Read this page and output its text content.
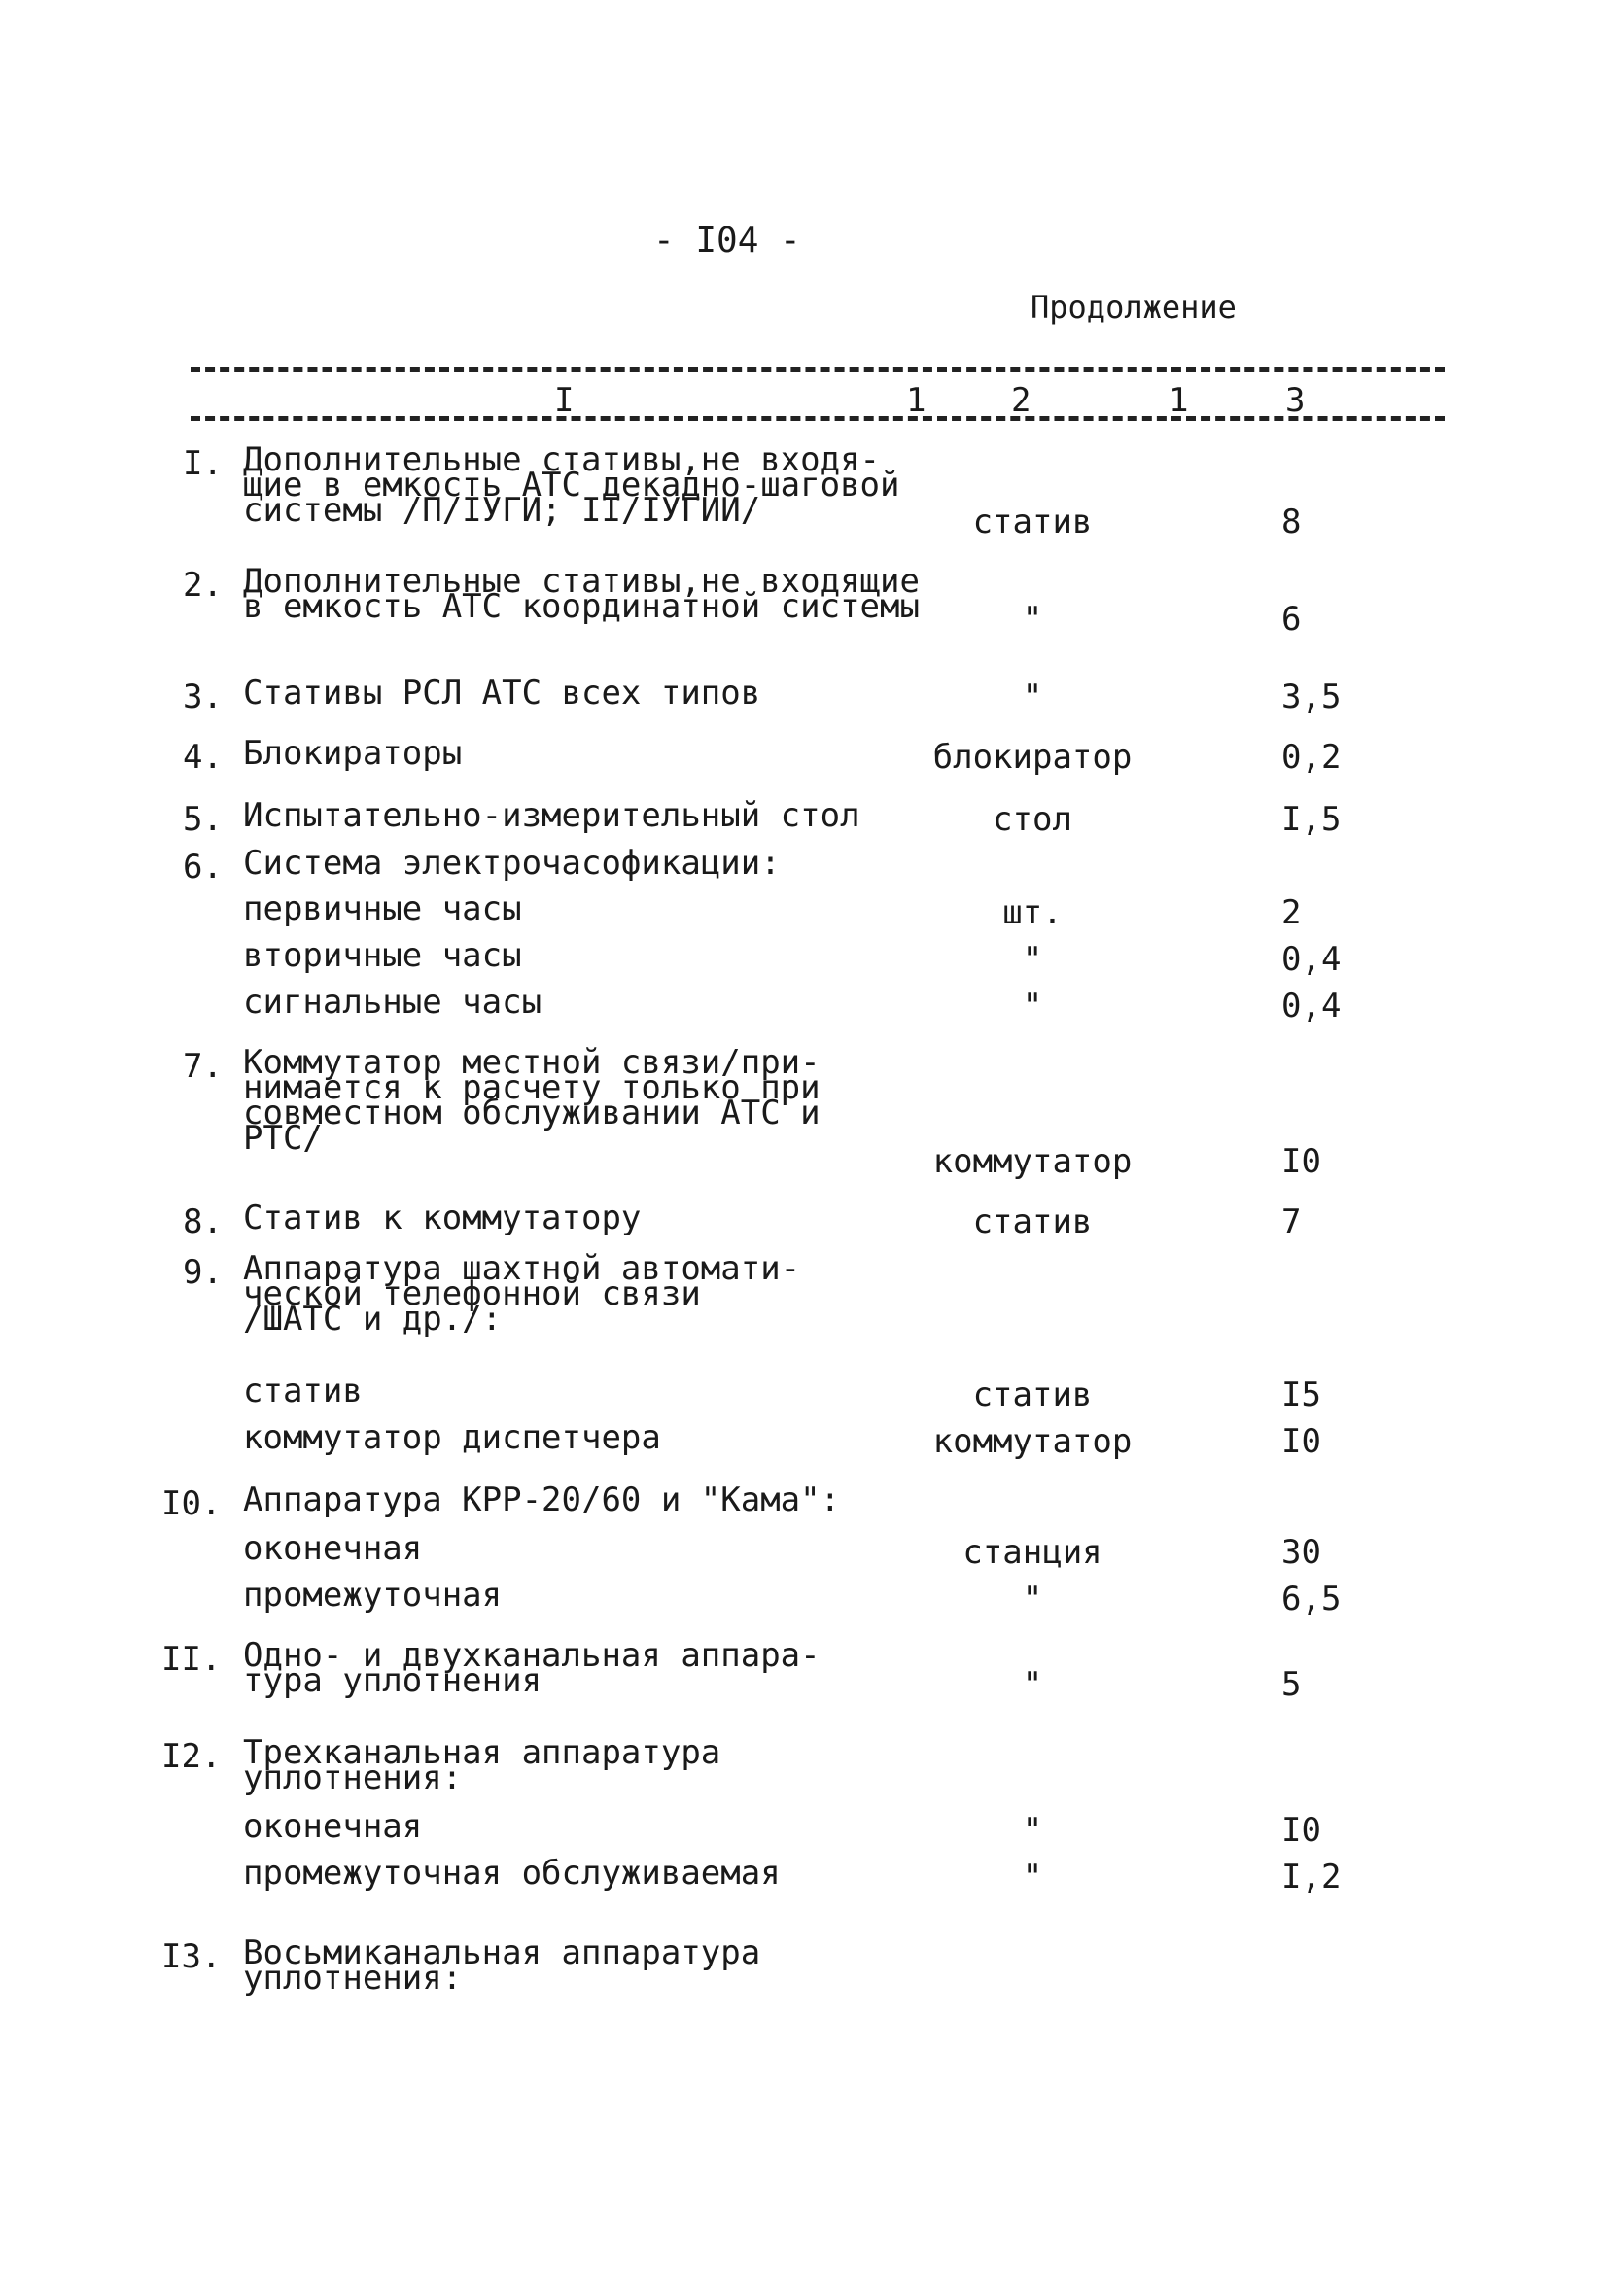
- I04 -
Продолжение
I	1	2	1	3
I. Дополнительные стативы,не входя-
щие в емкость АТС декадно-шаговой
системы /П/IУГИ; II/IУГИИ/	статив	8
2. Дополнительные стативы,не входящие
в емкость АТС координатной системы	"	6
3. Стативы РСЛ АТС всех типов	"	3,5
4. Блокираторы	блокиратор	0,2
5. Испытательно-измерительный стол	стол	I,5
6. Система электрочасофикации:
первичные часы	шт.	2
вторичные часы	"	0,4
сигнальные часы	"	0,4
7. Коммутатор местной связи/при-
нимается к расчету только при
совместном обслуживании АТС и
РТС/
коммутатор	I0
8. Статив к коммутатору	статив	7
9. Аппаратура шахтной автомати-
ческой телефонной связи
/ШАТС и др./:
статив	статив	I5
коммутатор диспетчера	коммутатор	I0
I0. Аппаратура КРР-20/60 и "Кама":
оконечная	станция	30
промежуточная	"	6,5
II. Одно- и двухканальная аппара-
тура уплотнения	"	5
I2. Трехканальная аппаратура
уплотнения:
оконечная	"	I0
промежуточная обслуживаемая	"	I,2
I3. Восьмиканальная аппаратура
уплотнения:
